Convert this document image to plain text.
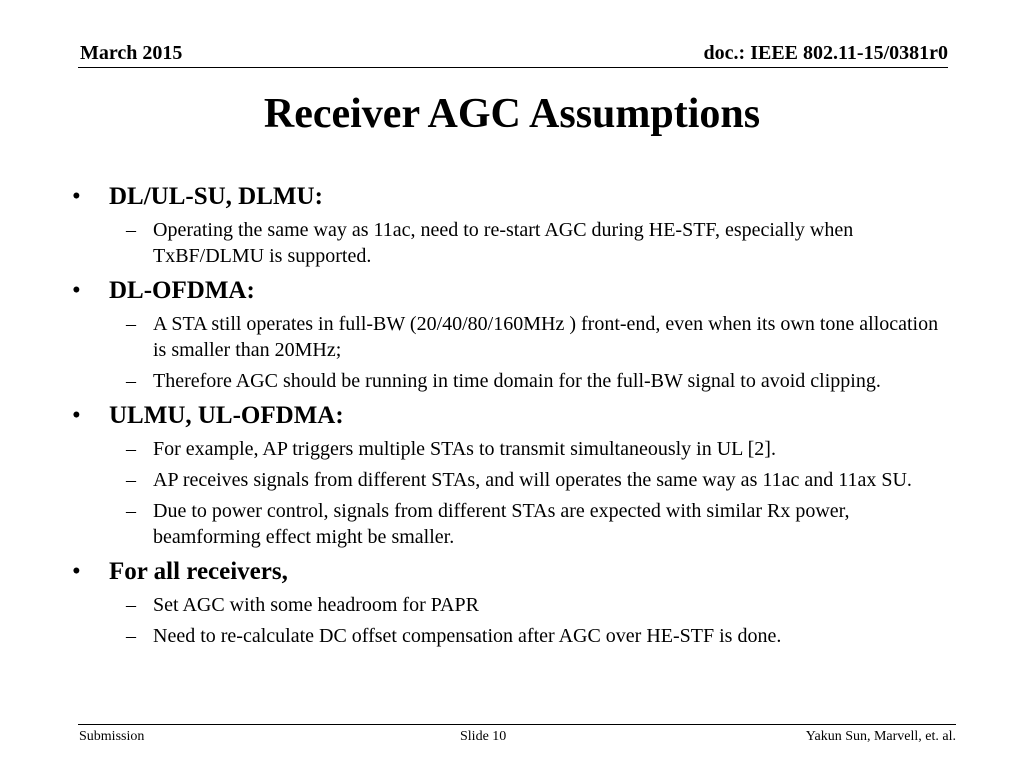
March 2015	doc.: IEEE 802.11-15/0381r0
Receiver AGC Assumptions
• DL/UL-SU, DLMU:
– Operating the same way as 11ac, need to re-start AGC during HE-STF, especially when TxBF/DLMU is supported.
• DL-OFDMA:
– A STA still operates in full-BW (20/40/80/160MHz ) front-end, even when its own tone allocation is smaller than 20MHz;
– Therefore AGC should be running in time domain for the full-BW signal to avoid clipping.
• ULMU, UL-OFDMA:
– For example, AP triggers multiple STAs to transmit simultaneously in UL [2].
– AP receives signals from different STAs, and will operates the same way as 11ac and 11ax SU.
– Due to power control, signals from different STAs are expected with similar Rx power, beamforming effect might be smaller.
• For all receivers,
– Set AGC with some headroom for PAPR
– Need to re-calculate DC offset compensation after AGC over HE-STF is done.
Submission	Slide 10	Yakun Sun, Marvell, et. al.
